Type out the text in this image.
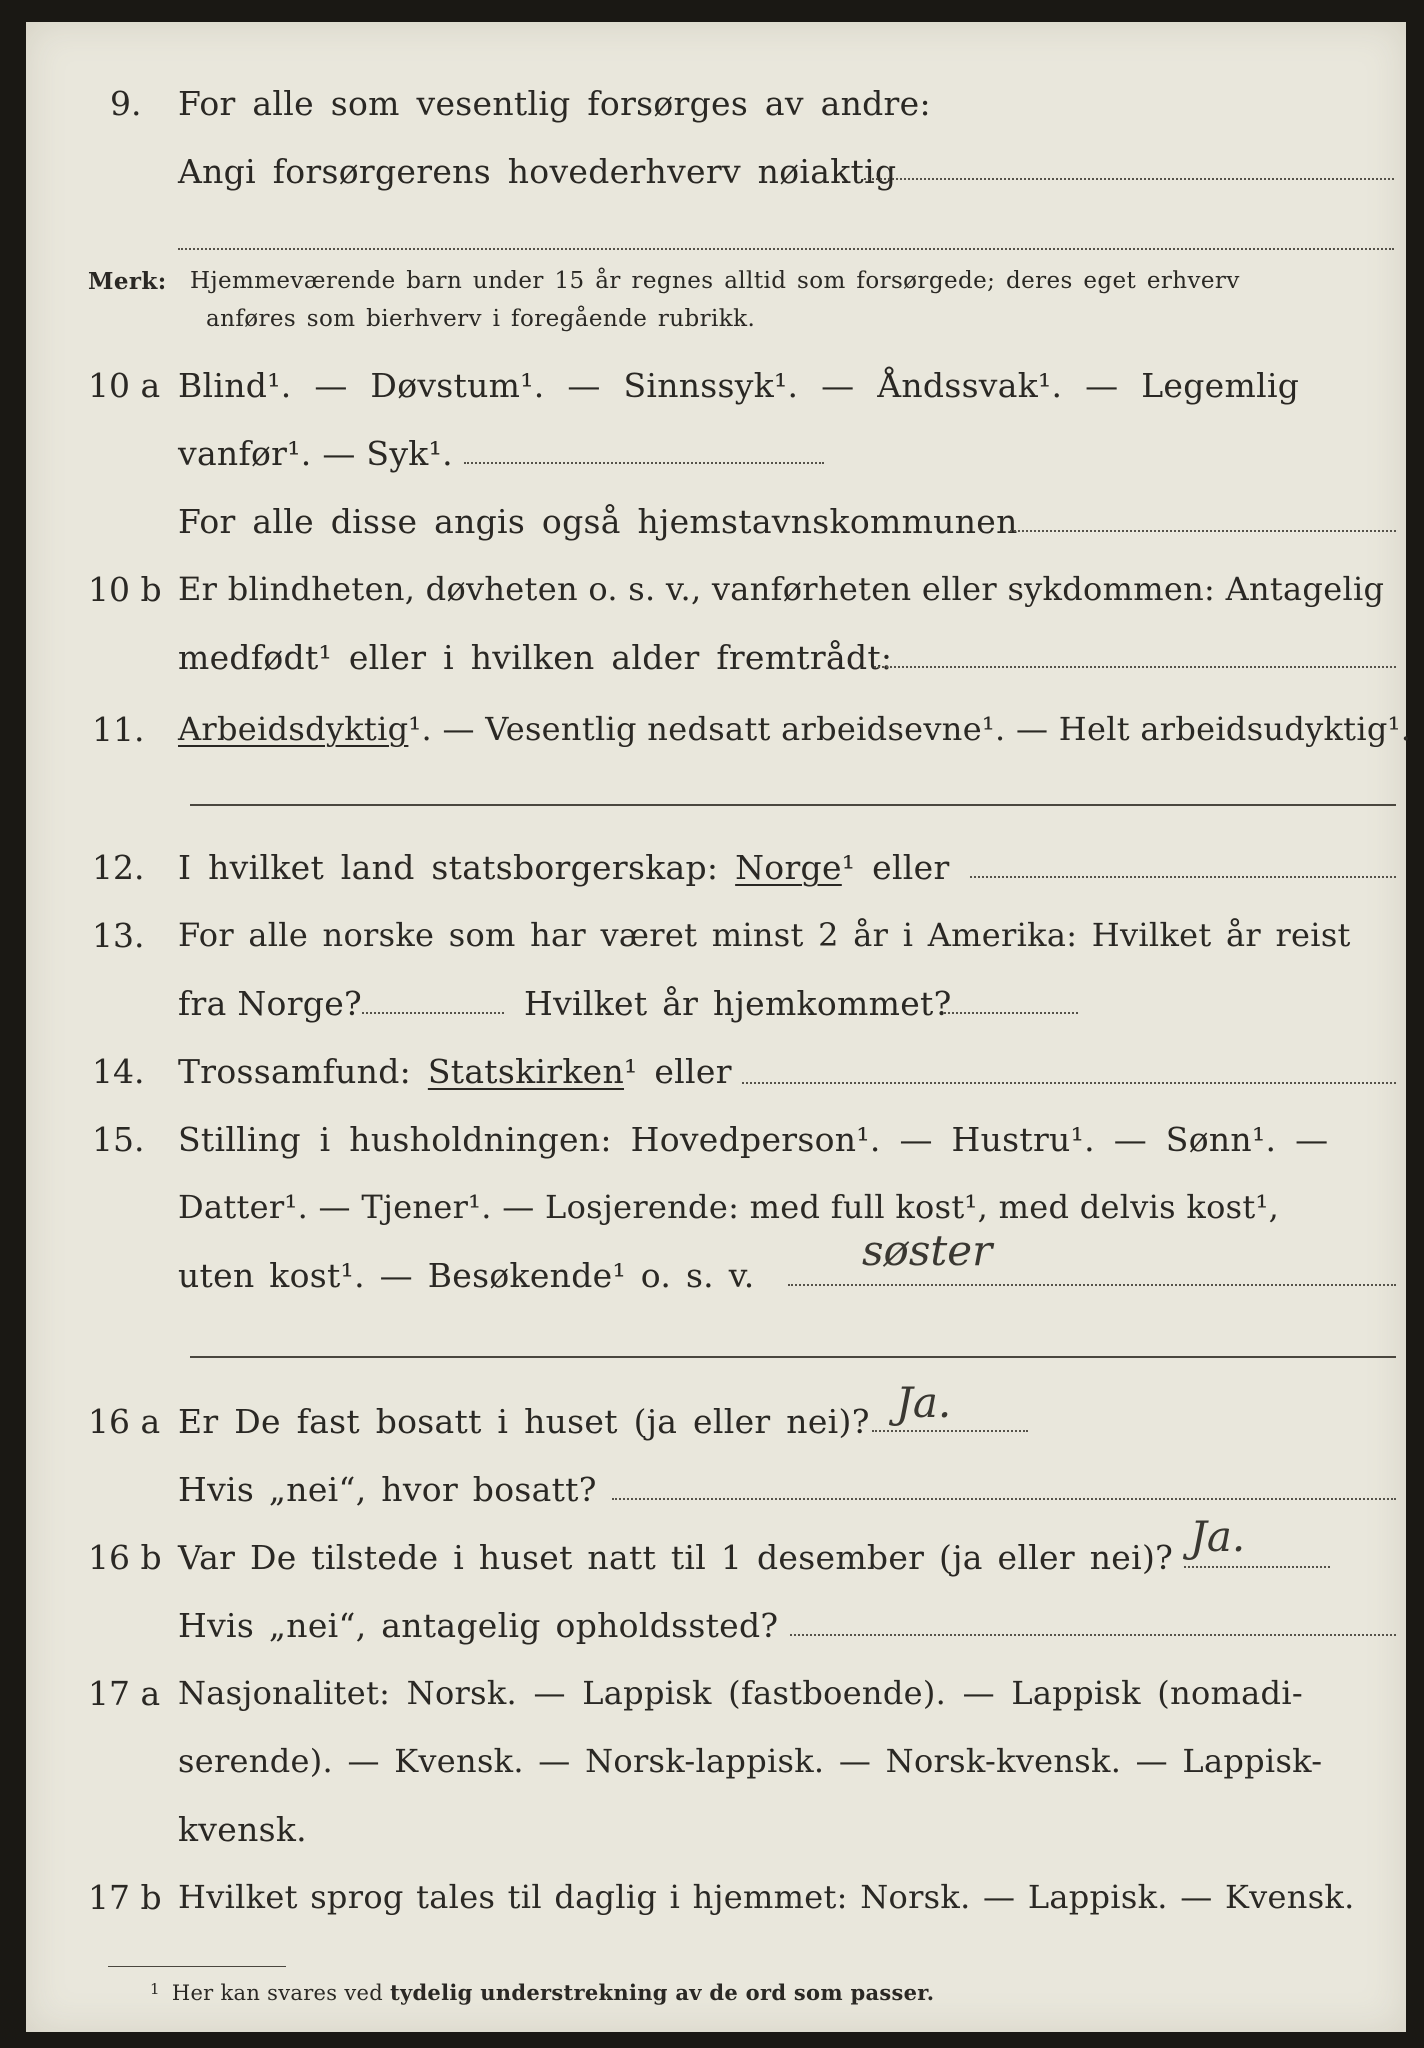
9. For alle som vesentlig forsørges av andre:
Angi forsørgerens hovederhverv nøiaktig
Merk: Hjemmeværende barn under 15 år regnes alltid som forsørgede; deres eget erhverv
anføres som bierhverv i foregående rubrikk.
10 a Blind¹. — Døvstum¹. — Sinnssyk¹. — Åndssvak¹. — Legemlig
vanfør¹. — Syk¹.
For alle disse angis også hjemstavnskommunen
10 b Er blindheten, døvheten o. s. v., vanførheten eller sykdommen: Antagelig
medfødt¹ eller i hvilken alder fremtrådt:
11. Arbeidsdyktig¹. — Vesentlig nedsatt arbeidsevne¹. — Helt arbeidsudyktig¹.
12. I hvilket land statsborgerskap: Norge¹ eller
13. For alle norske som har været minst 2 år i Amerika: Hvilket år reist
fra Norge?	Hvilket år hjemkommet?
14. Trossamfund: Statskirken¹ eller
15. Stilling i husholdningen: Hovedperson¹. — Hustru¹. — Sønn¹. —
Datter¹. — Tjener¹. — Losjerende: med full kost¹, med delvis kost¹,
uten kost¹. — Besøkende¹ o. s. v.
søster
16 a Er De fast bosatt i huset (ja eller nei)? Ja.
Hvis „nei“, hvor bosatt?
16 b Var De tilstede i huset natt til 1 desember (ja eller nei)? Ja.
Hvis „nei“, antagelig opholdssted?
17 a Nasjonalitet: Norsk. — Lappisk (fastboende). — Lappisk (nomadi-
serende). — Kvensk. — Norsk-lappisk. — Norsk-kvensk. — Lappisk-
kvensk.
17 b Hvilket sprog tales til daglig i hjemmet: Norsk. — Lappisk. — Kvensk.
$^1$ Her kan svares ved tydelig understrekning av de ord som passer.
